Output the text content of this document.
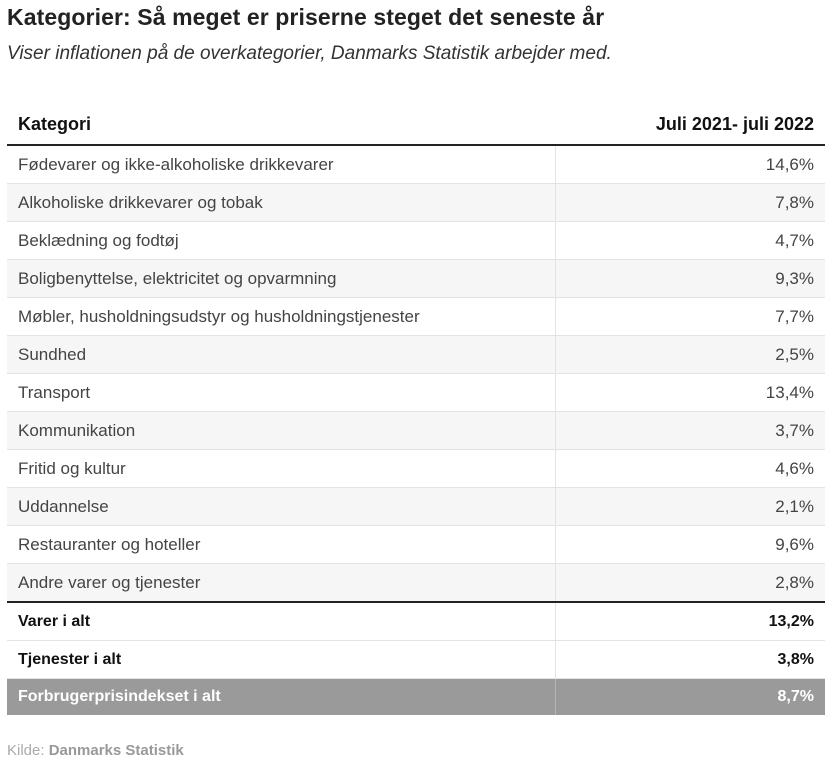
Kategorier: Så meget er priserne steget det seneste år

Viser inflationen på de overkategorier, Danmarks Statistik arbejder med.

Kategori	Juli 2021- juli 2022
Fødevarer og ikke-alkoholiske drikkevarer	14,6%
Alkoholiske drikkevarer og tobak	7,8%
Beklædning og fodtøj	4,7%
Boligbenyttelse, elektricitet og opvarmning	9,3%
Møbler, husholdningsudstyr og husholdningstjenester	7,7%
Sundhed	2,5%
Transport	13,4%
Kommunikation	3,7%
Fritid og kultur	4,6%
Uddannelse	2,1%
Restauranter og hoteller	9,6%
Andre varer og tjenester	2,8%
Varer i alt	13,2%
Tjenester i alt	3,8%
Forbrugerprisindekset i alt	8,7%

Kilde: Danmarks Statistik
